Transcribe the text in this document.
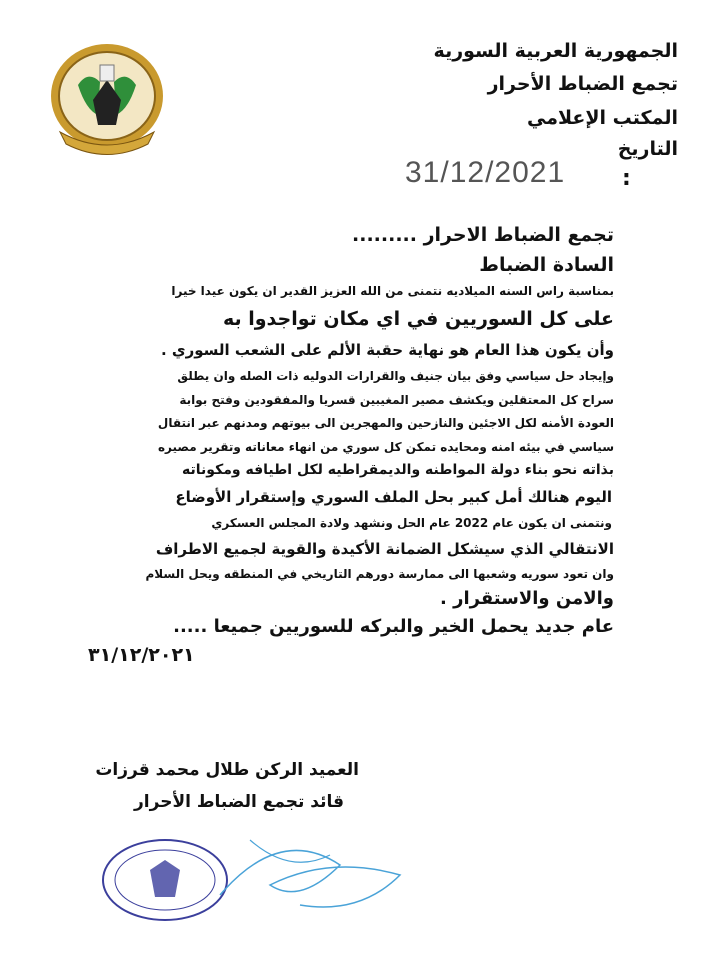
الجمهورية العربية السورية
تجمع الضباط الأحرار
المكتب الإعلامي
التاريخ
31/12/2021	:
تجمع الضباط الاحرار .........
السادة الضباط
بمناسبة راس السنه الميلاديه نتمنى من الله العزيز القدير ان يكون عيدا خيرا
على كل السوريين في اي مكان تواجدوا به
وأن يكون هذا العام هو نهاية حقبة الألم على الشعب السوري .
وإيجاد حل سياسي وفق بيان جنيف والقرارات الدوليه ذات الصله وان يطلق
سراح كل المعتقلين ويكشف مصير المغيبين قسريا والمفقودين وفتح بوابة
العودة الأمنه لكل الاجئين والنازحين والمهجرين الى بيوتهم ومدنهم عبر انتقال
سياسي في بيئه امنه ومحايده تمكن كل سوري من انهاء معاناته وتقرير مصيره
بذاته نحو بناء دولة المواطنه والديمقراطيه لكل اطيافه ومكوناته
اليوم هنالك أمل كبير بحل الملف السوري وإستقرار الأوضاع
ونتمنى ان يكون عام 2022 عام الحل ونشهد ولادة المجلس العسكري
الانتقالي الذي سيشكل الضمانة الأكيدة والقوية لجميع الاطراف
وان تعود سوريه وشعبها الى ممارسة دورهم التاريخي في المنطقه ويحل السلام
والامن والاستقرار .
عام جديد يحمل الخير والبركه للسوريين جميعا .....
٣١/١٢/٢٠٢١
العميد الركن طلال محمد قرزات
قائد تجمع الضباط الأحرار
